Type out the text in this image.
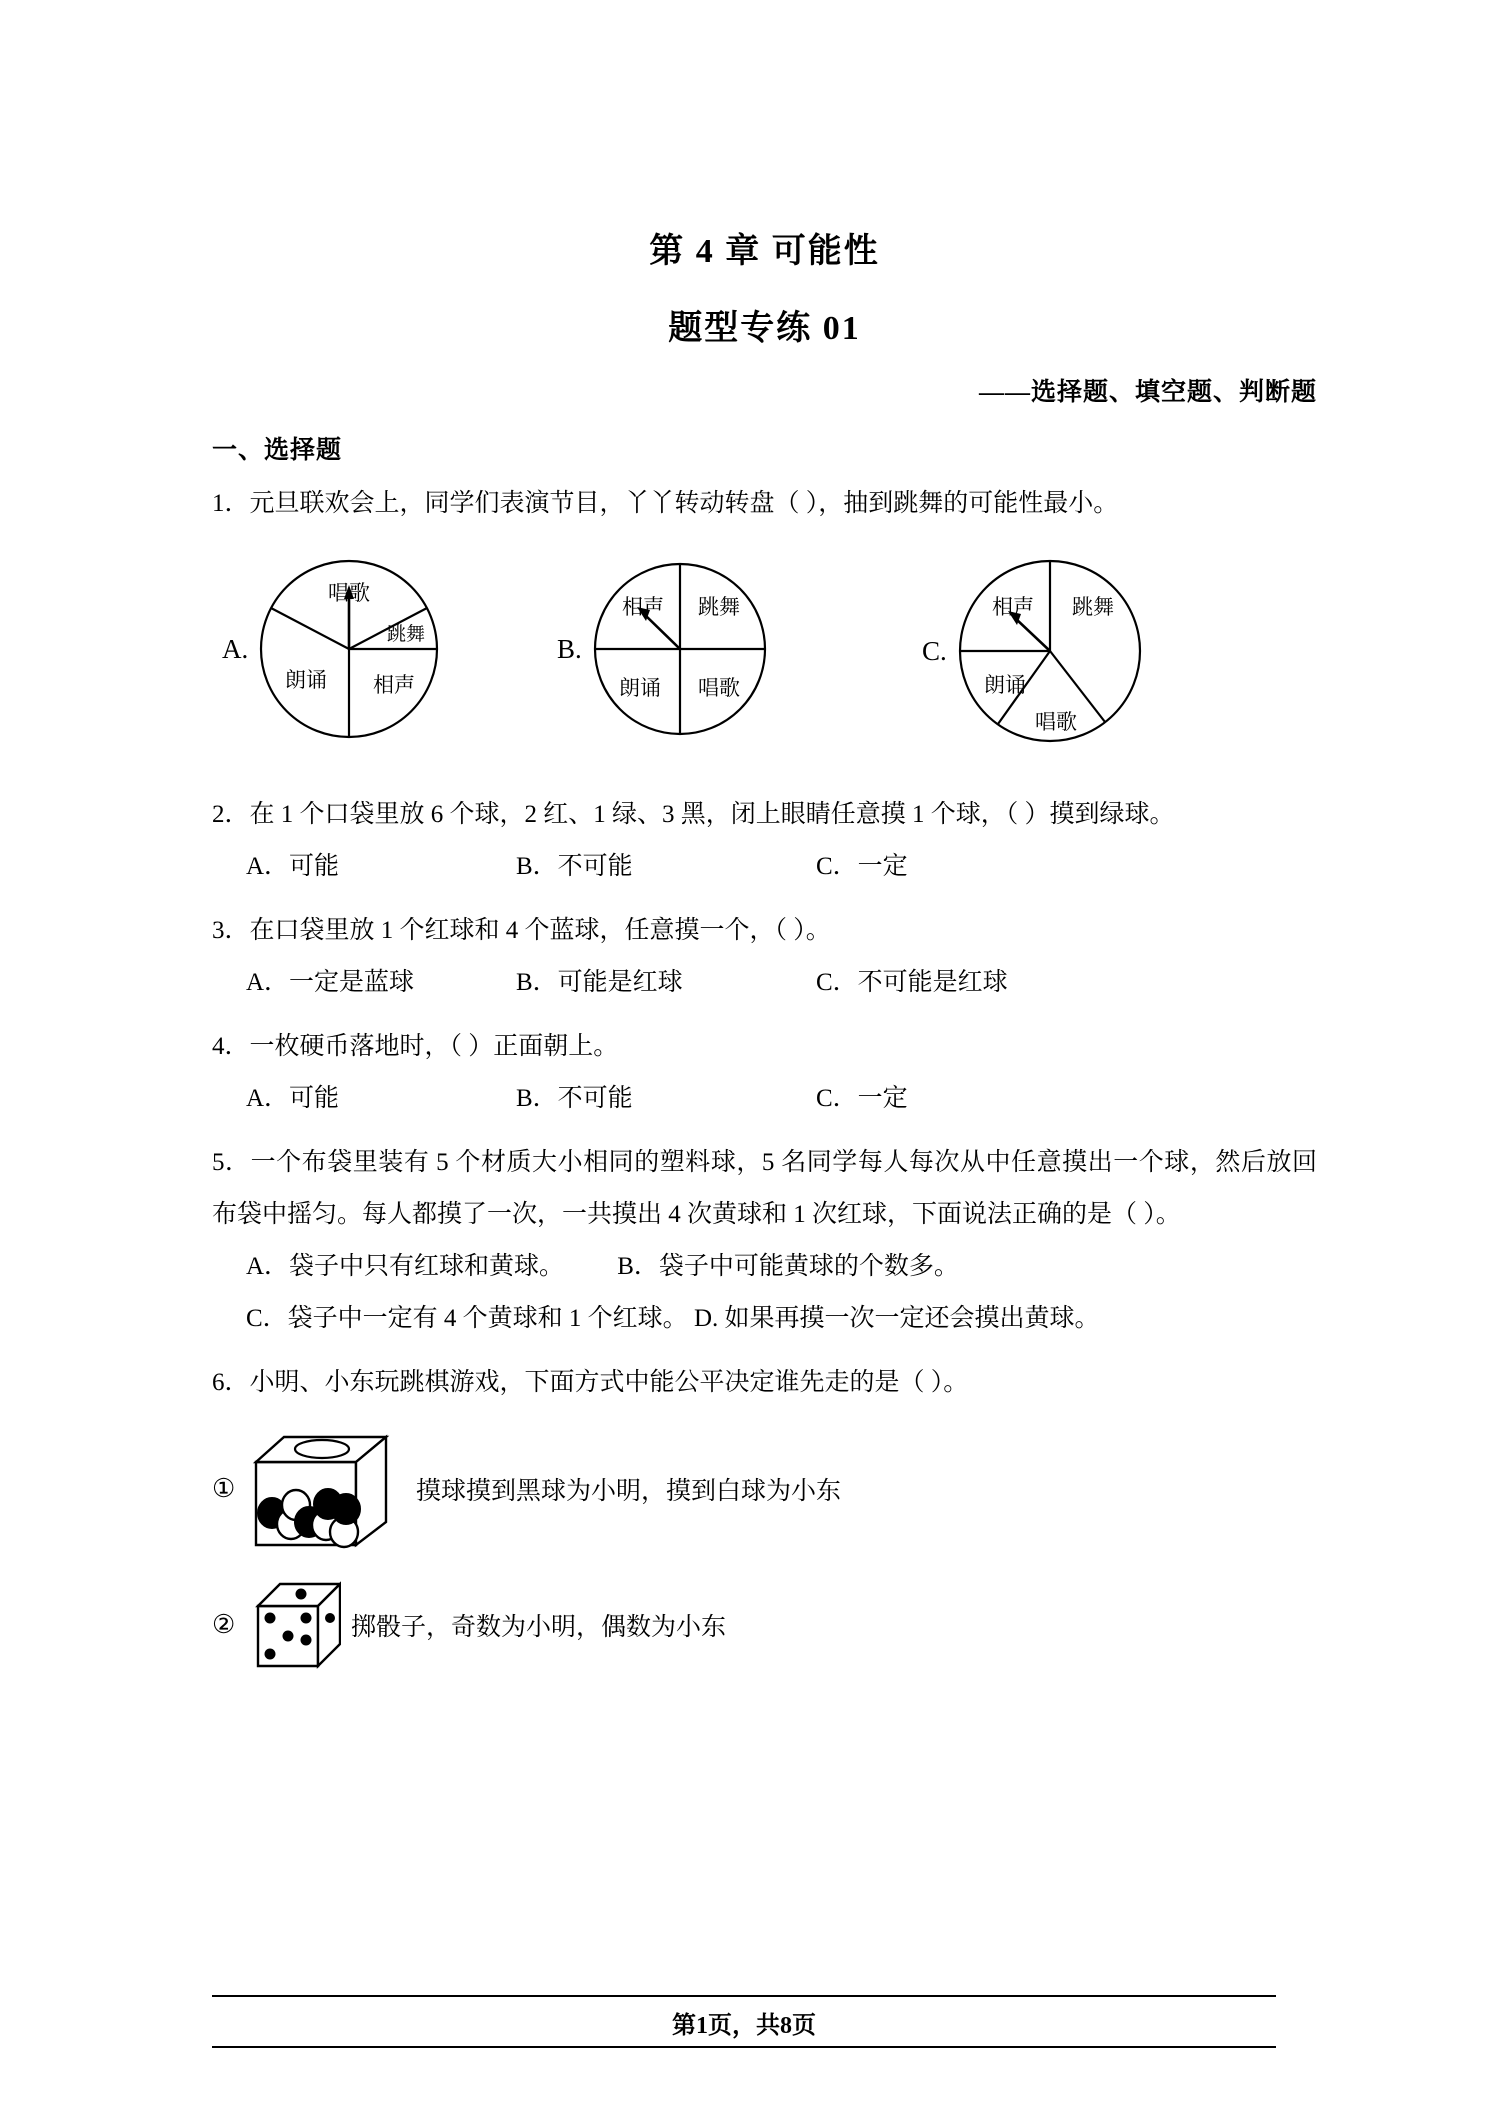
第 4 章 可能性
题型专练 01
——选择题、填空题、判断题
一、选择题
1．元旦联欢会上，同学们表演节目，丫丫转动转盘（ ），抽到跳舞的可能性最小。
A.
唱歌
跳舞
相声
朗诵
B.
相声 跳舞
朗诵 唱歌
C.
相声 跳舞
朗诵
唱歌
2．在 1 个口袋里放 6 个球，2 红、1 绿、3 黑，闭上眼睛任意摸 1 个球，（ ）摸到绿球。
A．可能	B．不可能	C．一定
3．在口袋里放 1 个红球和 4 个蓝球，任意摸一个，（ ）。
A．一定是蓝球	B．可能是红球	C．不可能是红球
4．一枚硬币落地时，（ ）正面朝上。
A．可能	B．不可能	C．一定
5．一个布袋里装有 5 个材质大小相同的塑料球，5 名同学每人每次从中任意摸出一个球，然后放回布袋中摇匀。每人都摸了一次，一共摸出 4 次黄球和 1 次红球，下面说法正确的是（ ）。
A．袋子中只有红球和黄球。 B．袋子中可能黄球的个数多。
C．袋子中一定有 4 个黄球和 1 个红球。 D. 如果再摸一次一定还会摸出黄球。
6．小明、小东玩跳棋游戏，下面方式中能公平决定谁先走的是（ ）。
①	摸球摸到黑球为小明，摸到白球为小东
②	掷骰子，奇数为小明，偶数为小东
第1页，共8页
